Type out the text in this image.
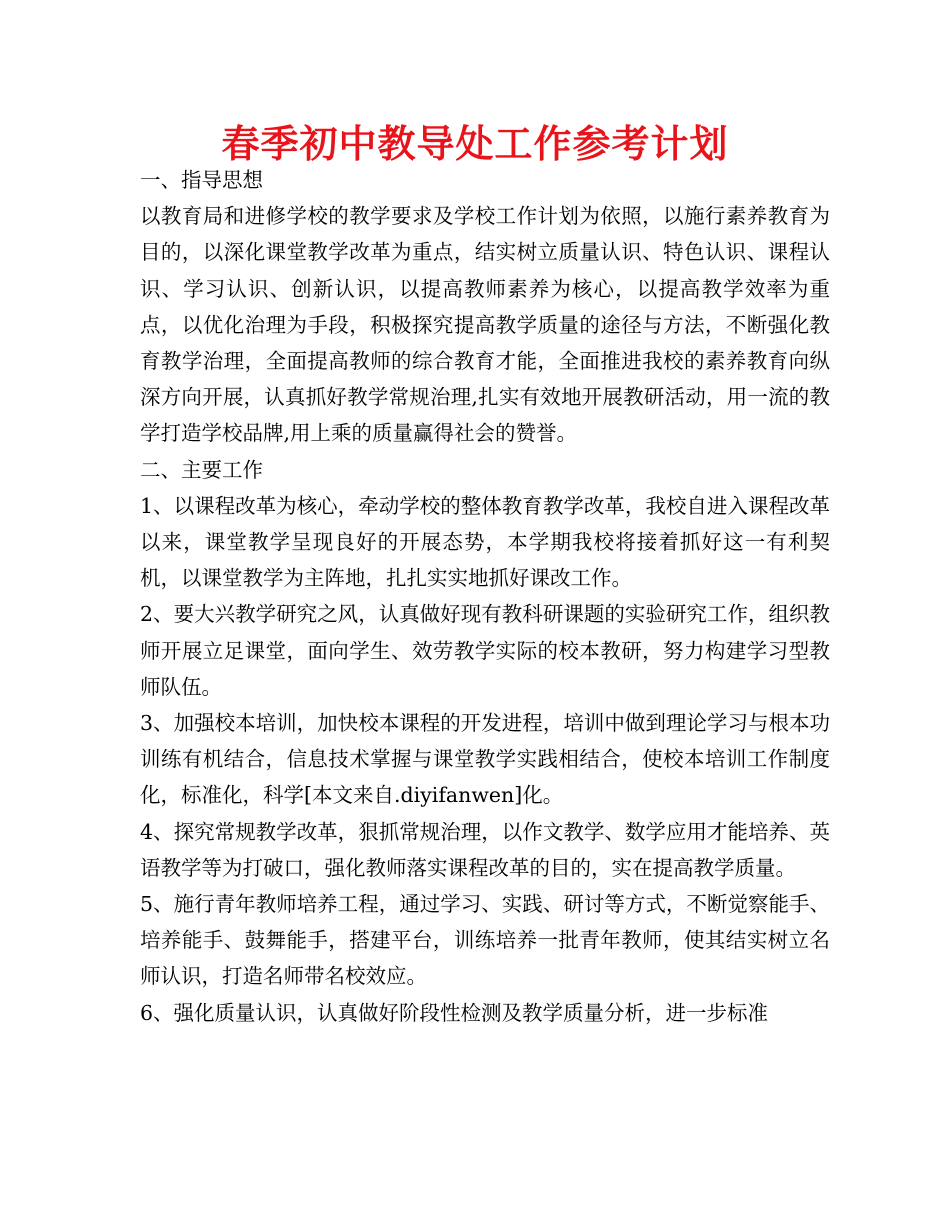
春季初中教导处工作参考计划
一、指导思想

以教育局和进修学校的教学要求及学校工作计划为依照，以施行素养教育为目的，以深化课堂教学改革为重点，结实树立质量认识、特色认识、课程认识、学习认识、创新认识，以提高教师素养为核心，以提高教学效率为重点，以优化治理为手段，积极探究提高教学质量的途径与方法，不断强化教育教学治理，全面提高教师的综合教育才能，全面推进我校的素养教育向纵深方向开展，认真抓好教学常规治理,扎实有效地开展教研活动，用一流的教学打造学校品牌,用上乘的质量赢得社会的赞誉。

二、主要工作

1、以课程改革为核心，牵动学校的整体教育教学改革，我校自进入课程改革以来，课堂教学呈现良好的开展态势，本学期我校将接着抓好这一有利契机，以课堂教学为主阵地，扎扎实实地抓好课改工作。

2、要大兴教学研究之风，认真做好现有教科研课题的实验研究工作，组织教师开展立足课堂，面向学生、效劳教学实际的校本教研，努力构建学习型教师队伍。

3、加强校本培训，加快校本课程的开发进程，培训中做到理论学习与根本功训练有机结合，信息技术掌握与课堂教学实践相结合，使校本培训工作制度化，标准化，科学[本文来自.diyifanwen]化。

4、探究常规教学改革，狠抓常规治理，以作文教学、数学应用才能培养、英语教学等为打破口，强化教师落实课程改革的目的，实在提高教学质量。

5、施行青年教师培养工程，通过学习、实践、研讨等方式，不断觉察能手、培养能手、鼓舞能手，搭建平台，训练培养一批青年教师，使其结实树立名师认识，打造名师带名校效应。

6、强化质量认识，认真做好阶段性检测及教学质量分析，进一步标准
